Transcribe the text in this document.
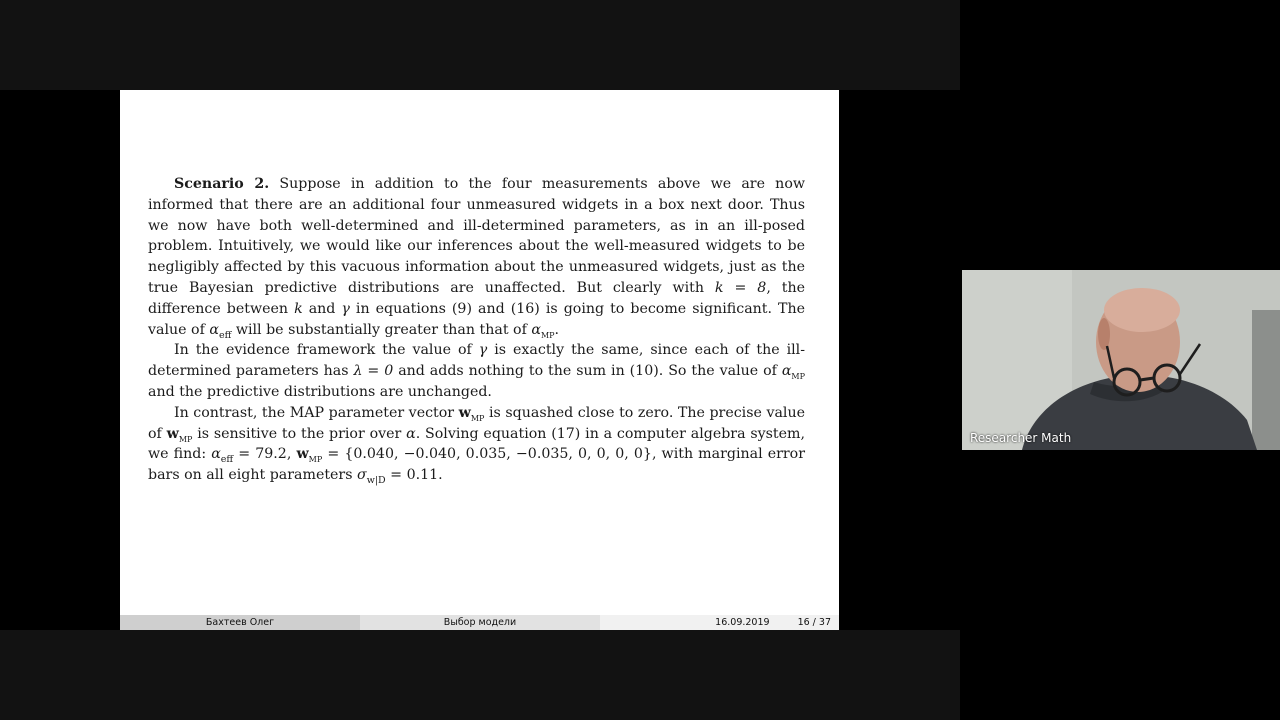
Scenario 2. Suppose in addition to the four measurements above we are now informed that there are an additional four unmeasured widgets in a box next door. Thus we now have both well-determined and ill-determined parameters, as in an ill-posed problem. Intuitively, we would like our inferences about the well-measured widgets to be negligibly affected by this vacuous information about the unmeasured widgets, just as the true Bayesian predictive distributions are unaffected. But clearly with k = 8, the difference between k and γ in equations (9) and (16) is going to become significant. The value of $\alpha_{eff}$ will be substantially greater than that of $\alpha_{MP}$.

In the evidence framework the value of γ is exactly the same, since each of the ill-determined parameters has λ = 0 and adds nothing to the sum in (10). So the value of $\alpha_{MP}$ and the predictive distributions are unchanged.

In contrast, the MAP parameter vector $w_{MP}$ is squashed close to zero. The precise value of $w_{MP}$ is sensitive to the prior over α. Solving equation (17) in a computer algebra system, we find: $\alpha_{eff} = 79.2$, $w_{MP} = \{0.040$, −0.040, 0.035, −0.035, 0, 0, 0, 0}, with marginal error bars on all eight parameters $\sigma_{w|D} = 0.11$.

Бахтеев Олег	Выбор модели	16.09.2019	16 / 37
Researcher Math
